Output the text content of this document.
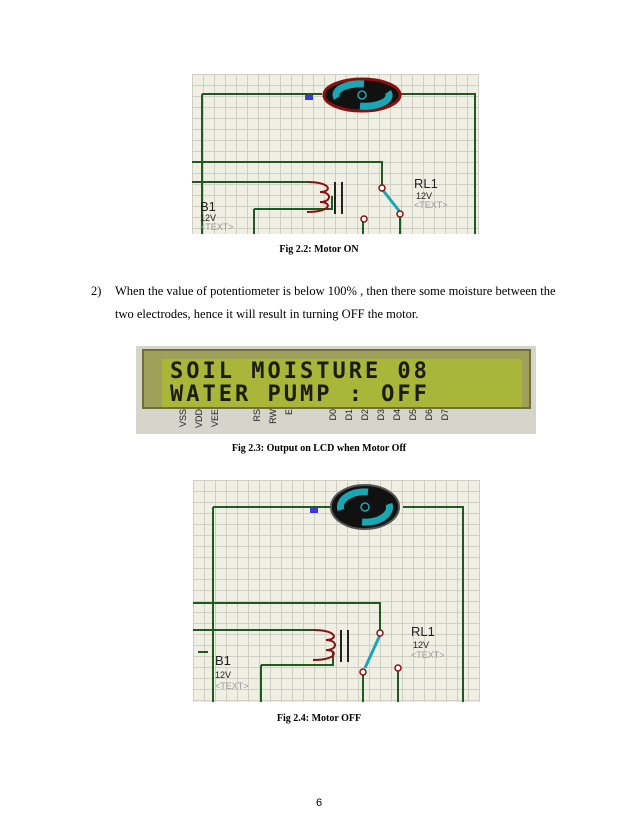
RL1
12V
<TEXT>
B1
12V
<TEXT>
Fig 2.2: Motor ON
2) When the value of potentiometer is below 100% , then there some moisture between the two electrodes, hence it will result in turning OFF the motor.
SOIL MOISTURE 08
WATER PUMP : OFF
VSS VDD VEE	RS RW E	D0 D1 D2 D3 D4 D5 D6 D7
Fig 2.3: Output on LCD when Motor Off
RL1
12V
<TEXT>
B1
12V
<TEXT>
Fig 2.4: Motor OFF
6
